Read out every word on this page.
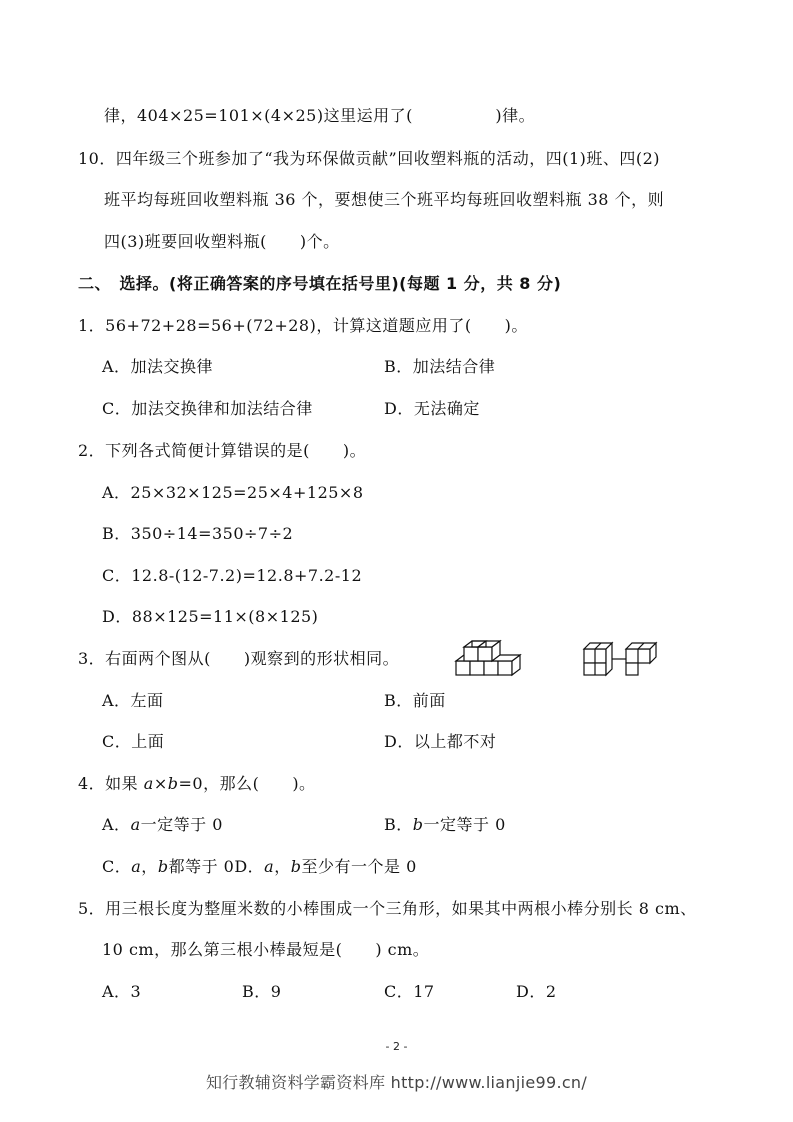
律，404×25=101×(4×25)这里运用了(　　　　　)律。
10．四年级三个班参加了“我为环保做贡献”回收塑料瓶的活动，四(1)班、四(2)
班平均每班回收塑料瓶 36 个，要想使三个班平均每班回收塑料瓶 38 个，则
四(3)班要回收塑料瓶(　　)个。
二、　选择。(将正确答案的序号填在括号里)(每题 1 分，共 8 分)
1．56+72+28=56+(72+28)，计算这道题应用了(　　)。
A．加法交换律	B．加法结合律
C．加法交换律和加法结合律	D．无法确定
2．下列各式简便计算错误的是(　　)。
A．25×32×125=25×4+125×8
B．350÷14=350÷7÷2
C．12.8-(12-7.2)=12.8+7.2-12
D．88×125=11×(8×125)
3．右面两个图从(　　)观察到的形状相同。
A．左面	B．前面
C．上面	D．以上都不对
4．如果 a×b=0，那么(　　)。
A．a一定等于 0	B．b一定等于 0
C．a，b都等于 0D．a，b至少有一个是 0
5．用三根长度为整厘米数的小棒围成一个三角形，如果其中两根小棒分别长 8 cm、
10 cm，那么第三根小棒最短是(　　) cm。
A．3	B．9	C．17	D．2
- 2 -
知行教辅资料学霸资料库 http://www.lianjie99.cn/
